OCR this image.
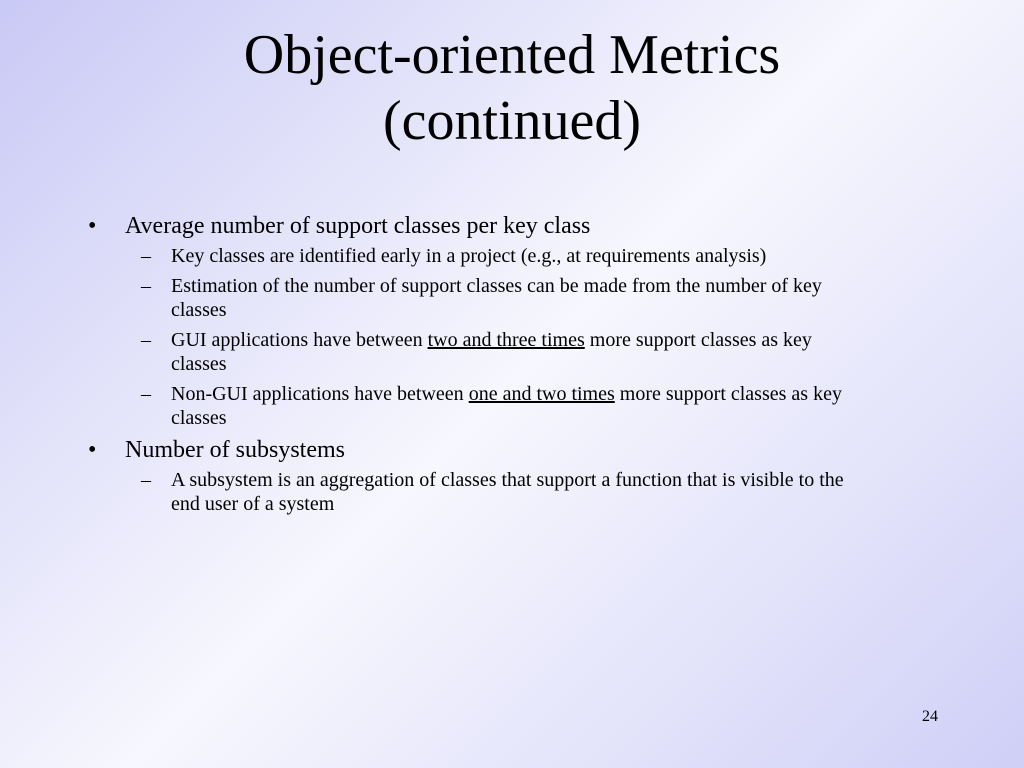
Object-oriented Metrics
(continued)
• Average number of support classes per key class
– Key classes are identified early in a project (e.g., at requirements analysis)
– Estimation of the number of support classes can be made from the number of key classes
– GUI applications have between two and three times more support classes as key classes
– Non-GUI applications have between one and two times more support classes as key classes
• Number of subsystems
– A subsystem is an aggregation of classes that support a function that is visible to the end user of a system
24
